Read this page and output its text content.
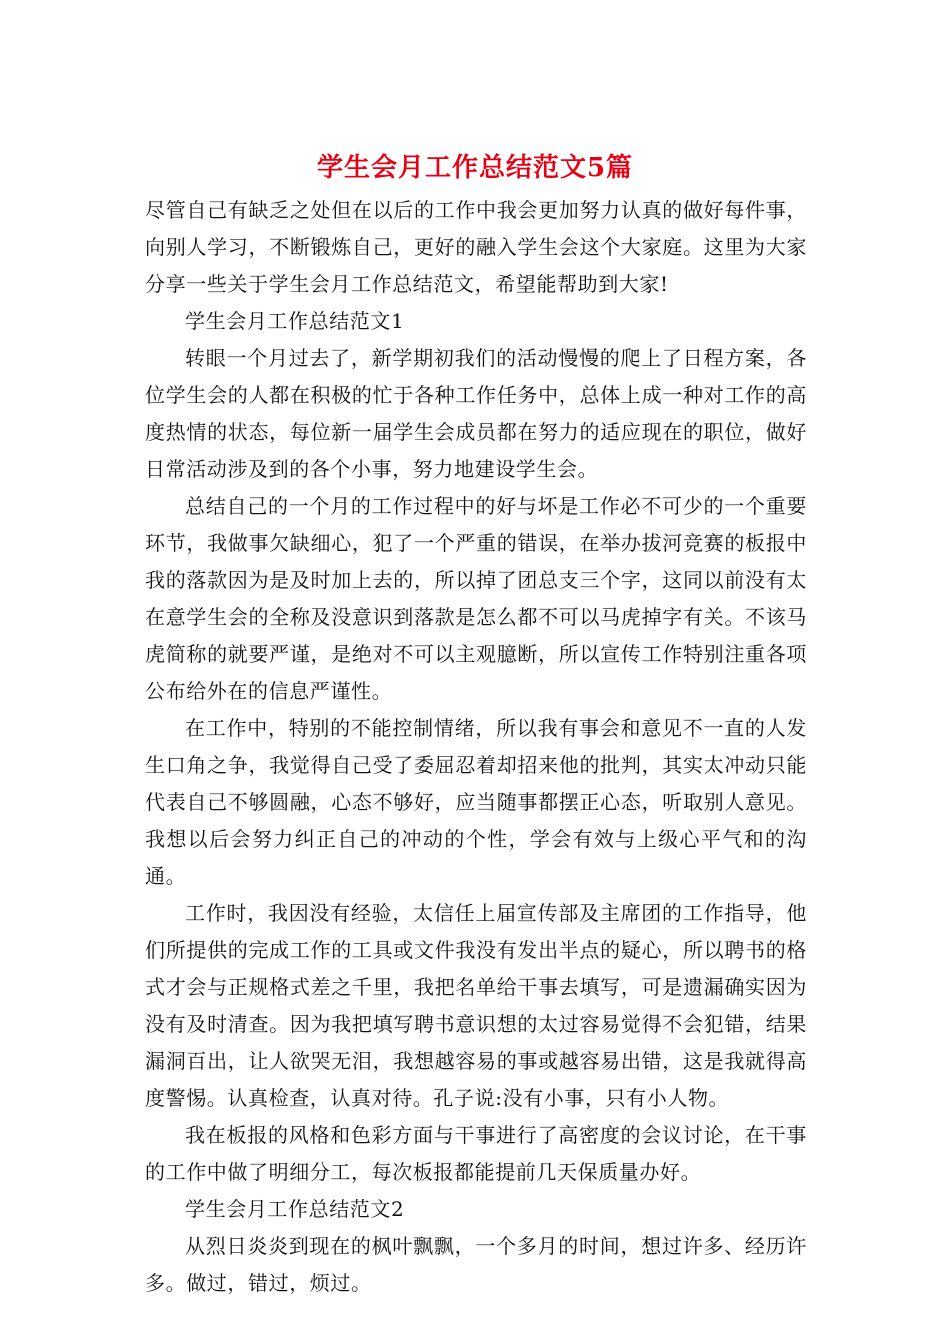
学生会月工作总结范文5篇

尽管自己有缺乏之处但在以后的工作中我会更加努力认真的做好每件事，向别人学习，不断锻炼自己，更好的融入学生会这个大家庭。这里为大家分享一些关于学生会月工作总结范文，希望能帮助到大家!

学生会月工作总结范文1

转眼一个月过去了，新学期初我们的活动慢慢的爬上了日程方案，各位学生会的人都在积极的忙于各种工作任务中，总体上成一种对工作的高度热情的状态，每位新一届学生会成员都在努力的适应现在的职位，做好日常活动涉及到的各个小事，努力地建设学生会。

总结自己的一个月的工作过程中的好与坏是工作必不可少的一个重要环节，我做事欠缺细心，犯了一个严重的错误，在举办拔河竞赛的板报中我的落款因为是及时加上去的，所以掉了团总支三个字，这同以前没有太在意学生会的全称及没意识到落款是怎么都不可以马虎掉字有关。不该马虎简称的就要严谨，是绝对不可以主观臆断，所以宣传工作特别注重各项公布给外在的信息严谨性。

在工作中，特别的不能控制情绪，所以我有事会和意见不一直的人发生口角之争，我觉得自己受了委屈忍着却招来他的批判，其实太冲动只能代表自己不够圆融，心态不够好，应当随事都摆正心态，听取别人意见。我想以后会努力纠正自己的冲动的个性，学会有效与上级心平气和的沟通。

工作时，我因没有经验，太信任上届宣传部及主席团的工作指导，他们所提供的完成工作的工具或文件我没有发出半点的疑心，所以聘书的格式才会与正规格式差之千里，我把名单给干事去填写，可是遗漏确实因为没有及时清查。因为我把填写聘书意识想的太过容易觉得不会犯错，结果漏洞百出，让人欲哭无泪，我想越容易的事或越容易出错，这是我就得高度警惕。认真检查，认真对待。孔子说:没有小事，只有小人物。

我在板报的风格和色彩方面与干事进行了高密度的会议讨论，在干事的工作中做了明细分工，每次板报都能提前几天保质量办好。

学生会月工作总结范文2

从烈日炎炎到现在的枫叶飘飘，一个多月的时间，想过许多、经历许多。做过，错过，烦过。
